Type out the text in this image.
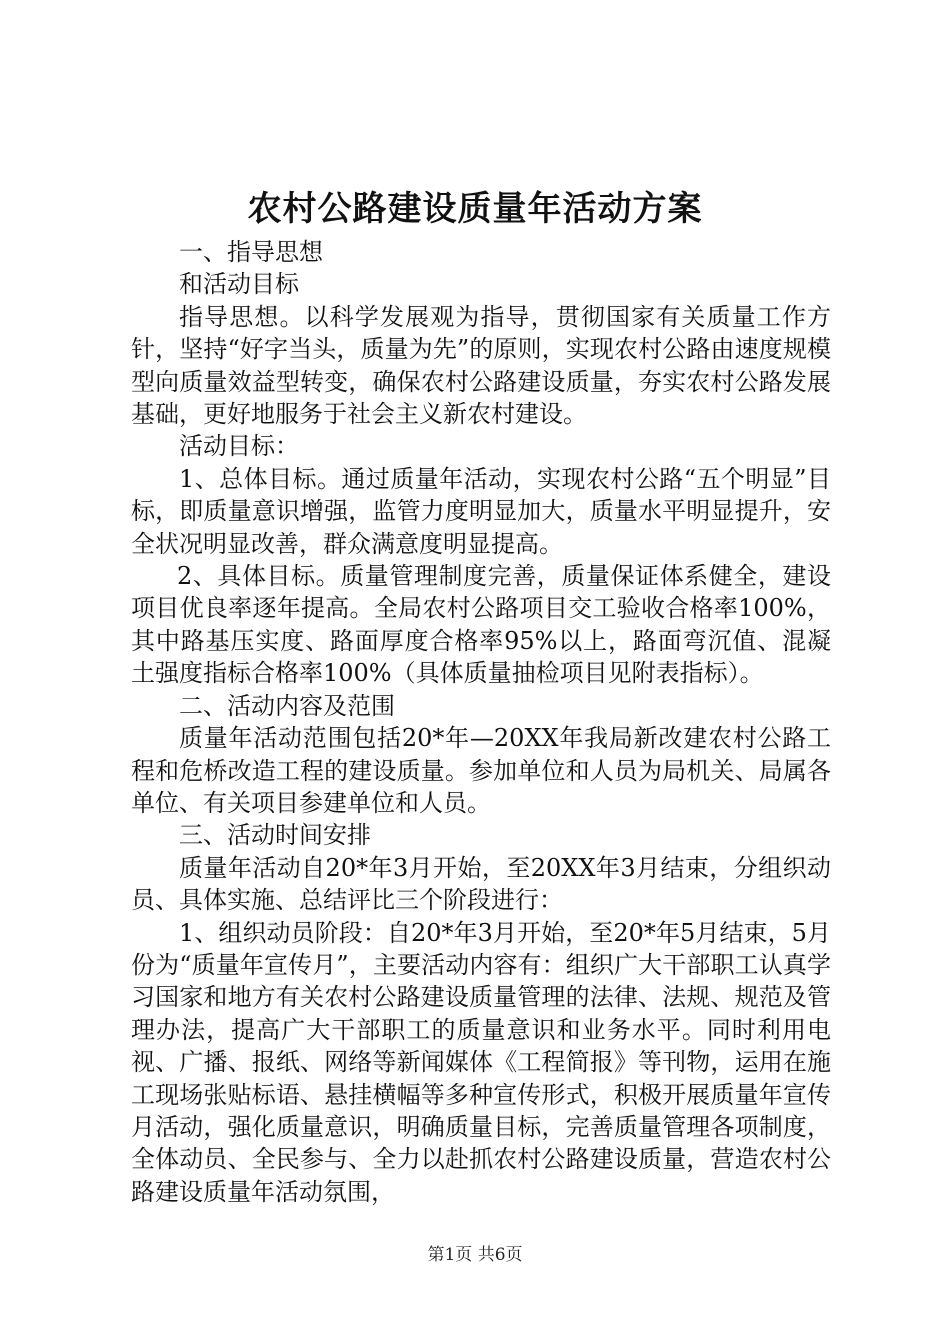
农村公路建设质量年活动方案

一、指导思想

和活动目标

指导思想。以科学发展观为指导，贯彻国家有关质量工作方针，坚持“好字当头，质量为先”的原则，实现农村公路由速度规模型向质量效益型转变，确保农村公路建设质量，夯实农村公路发展基础，更好地服务于社会主义新农村建设。

活动目标：

1、总体目标。通过质量年活动，实现农村公路“五个明显”目标，即质量意识增强，监管力度明显加大，质量水平明显提升，安全状况明显改善，群众满意度明显提高。

2、具体目标。质量管理制度完善，质量保证体系健全，建设项目优良率逐年提高。全局农村公路项目交工验收合格率100%，其中路基压实度、路面厚度合格率95%以上，路面弯沉值、混凝土强度指标合格率100%（具体质量抽检项目见附表指标）。

二、活动内容及范围

质量年活动范围包括20*年—20XX年我局新改建农村公路工程和危桥改造工程的建设质量。参加单位和人员为局机关、局属各单位、有关项目参建单位和人员。

三、活动时间安排

质量年活动自20*年3月开始，至20XX年3月结束，分组织动员、具体实施、总结评比三个阶段进行：

1、组织动员阶段：自20*年3月开始，至20*年5月结束，5月份为“质量年宣传月”，主要活动内容有：组织广大干部职工认真学习国家和地方有关农村公路建设质量管理的法律、法规、规范及管理办法，提高广大干部职工的质量意识和业务水平。同时利用电视、广播、报纸、网络等新闻媒体《工程简报》等刊物，运用在施工现场张贴标语、悬挂横幅等多种宣传形式，积极开展质量年宣传月活动，强化质量意识，明确质量目标，完善质量管理各项制度，全体动员、全民参与、全力以赴抓农村公路建设质量，营造农村公路建设质量年活动氛围，

第1页 共6页
